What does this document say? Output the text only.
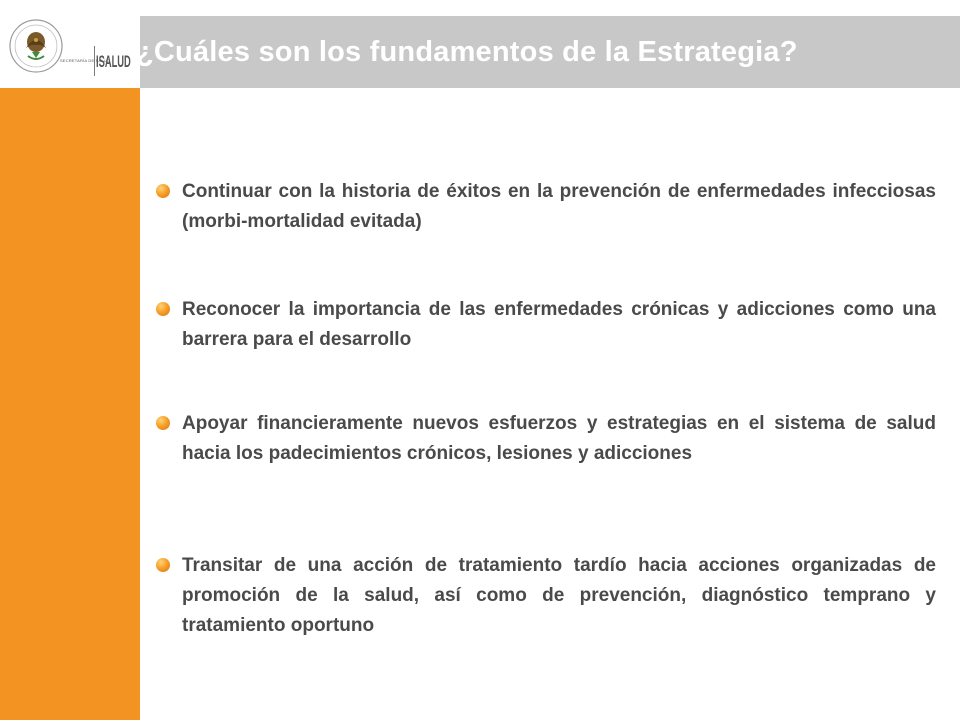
SECRETARÍA DE SALUD
ISALUD ¿Cuáles son los fundamentos de la Estrategia?

Continuar con la historia de éxitos en la prevención de enfermedades infecciosas (morbi-mortalidad evitada)

Reconocer la importancia de las enfermedades crónicas y adicciones como una barrera para el desarrollo

Apoyar financieramente nuevos esfuerzos y estrategias en el sistema de salud hacia los padecimientos crónicos, lesiones y adicciones

Transitar de una acción de tratamiento tardío hacia acciones organizadas de promoción de la salud, así como de prevención, diagnóstico temprano y tratamiento oportuno
